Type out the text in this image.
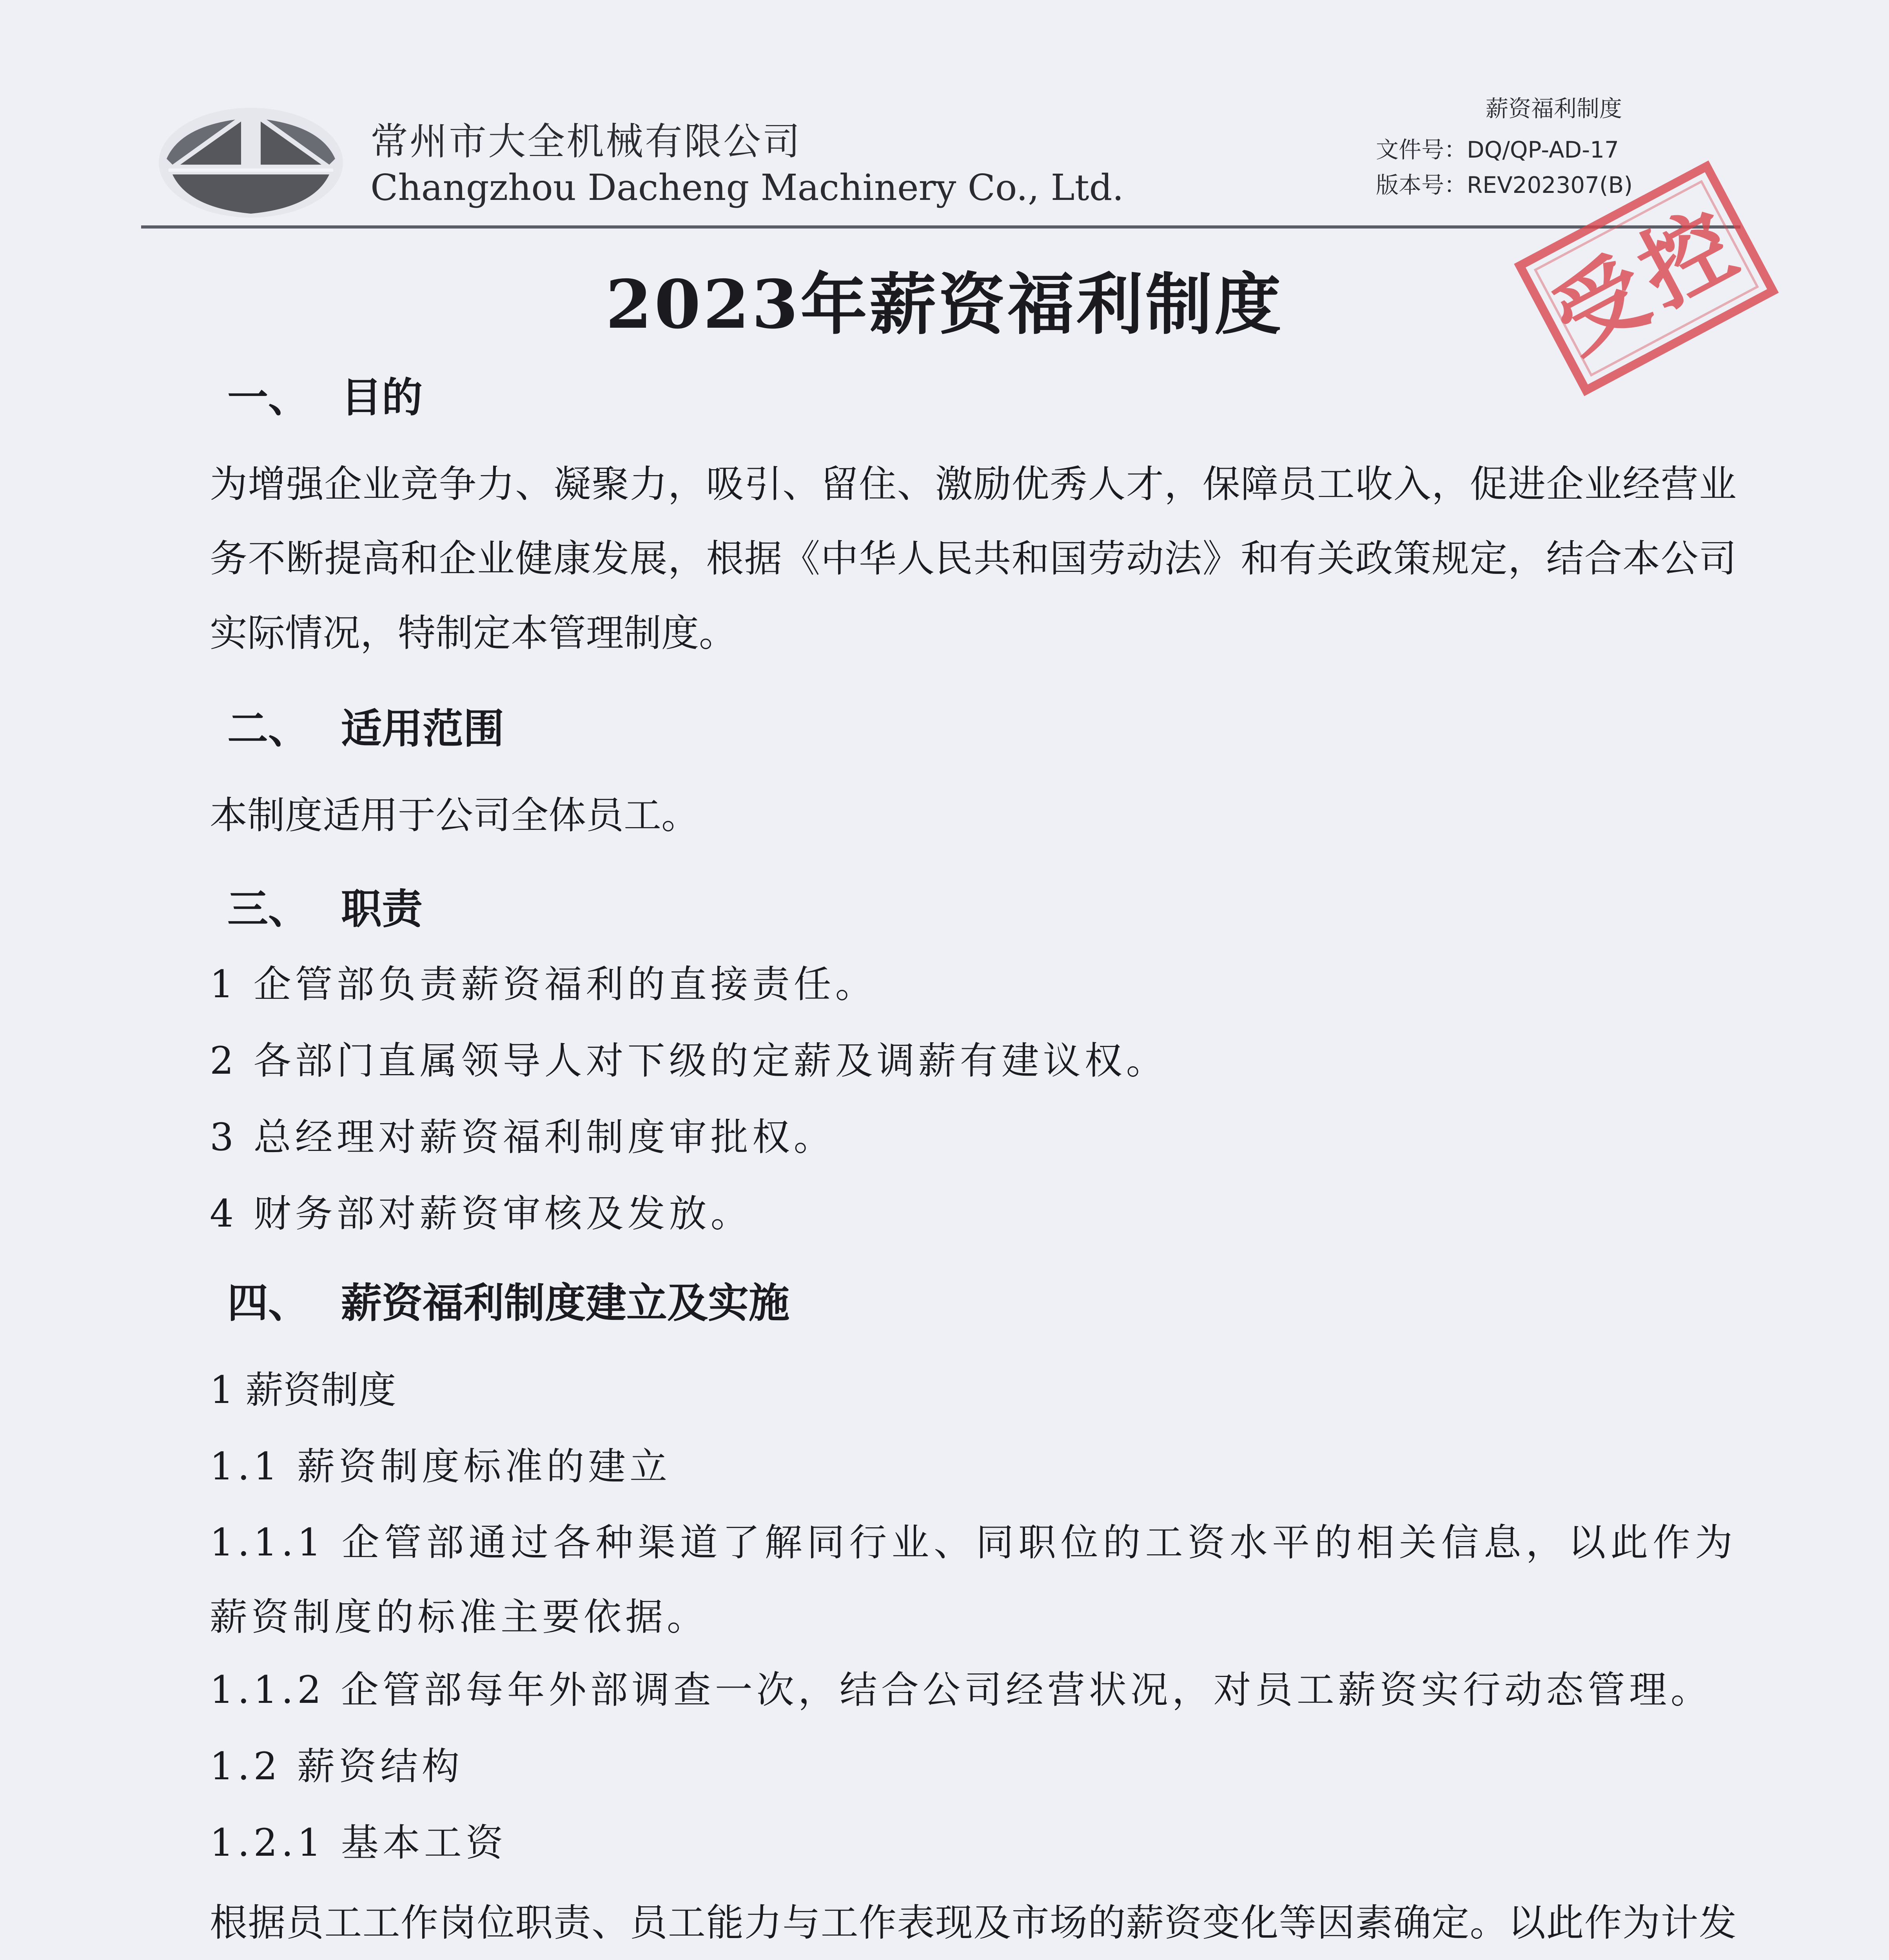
常州市大全机械有限公司
Changzhou Dacheng Machinery Co., Ltd.
薪资福利制度
文件号：DQ/QP-AD-17
版本号：REV202307(B)
受控
2023年薪资福利制度
一、 目的
为增强企业竞争力、凝聚力，吸引、留住、激励优秀人才，保障员工收入，促进企业经营业务不断提高和企业健康发展，根据《中华人民共和国劳动法》和有关政策规定，结合本公司实际情况，特制定本管理制度。
二、 适用范围
本制度适用于公司全体员工。
三、 职责
1 企管部负责薪资福利的直接责任。
2 各部门直属领导人对下级的定薪及调薪有建议权。
3 总经理对薪资福利制度审批权。
4 财务部对薪资审核及发放。
四、 薪资福利制度建立及实施
1 薪资制度
1.1 薪资制度标准的建立
1.1.1 企管部通过各种渠道了解同行业、同职位的工资水平的相关信息，以此作为薪资制度的标准主要依据。
1.1.2 企管部每年外部调查一次，结合公司经营状况，对员工薪资实行动态管理。
1.2 薪资结构
1.2.1 基本工资
根据员工工作岗位职责、员工能力与工作表现及市场的薪资变化等因素确定。以此作为计发
